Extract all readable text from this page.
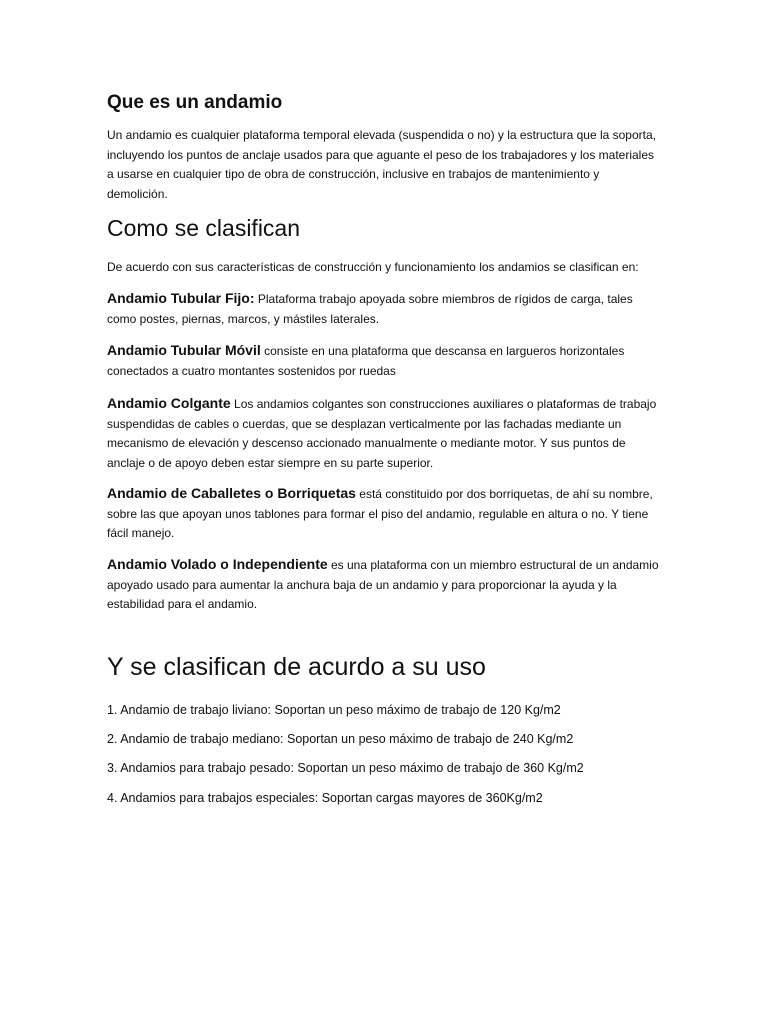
Que es un andamio
Un andamio es cualquier plataforma temporal elevada (suspendida o no) y la estructura que la soporta, incluyendo los puntos de anclaje usados para que aguante el peso de los trabajadores y los materiales a usarse en cualquier tipo de obra de construcción, inclusive en trabajos de mantenimiento y demolición.
Como se clasifican
De acuerdo con sus características de construcción y funcionamiento los andamios se clasifican en:
Andamio Tubular Fijo: Plataforma trabajo apoyada sobre miembros de rígidos de carga, tales como postes, piernas, marcos, y mástiles laterales.
Andamio Tubular Móvil consiste en una plataforma que descansa en largueros horizontales conectados a cuatro montantes sostenidos por ruedas
Andamio Colgante Los andamios colgantes son construcciones auxiliares o plataformas de trabajo suspendidas de cables o cuerdas, que se desplazan verticalmente por las fachadas mediante un mecanismo de elevación y descenso accionado manualmente o mediante motor. Y sus puntos de anclaje o de apoyo deben estar siempre en su parte superior.
Andamio de Caballetes o Borriquetas está constituido por dos borriquetas, de ahí su nombre, sobre las que apoyan unos tablones para formar el piso del andamio, regulable en altura o no. Y tiene fácil manejo.
Andamio Volado o Independiente es una plataforma con un miembro estructural de un andamio apoyado usado para aumentar la anchura baja de un andamio y para proporcionar la ayuda y la estabilidad para el andamio.
Y se clasifican de acurdo a su uso
1. Andamio de trabajo liviano: Soportan un peso máximo de trabajo de 120 Kg/m2
2. Andamio de trabajo mediano: Soportan un peso máximo de trabajo de 240 Kg/m2
3. Andamios para trabajo pesado: Soportan un peso máximo de trabajo de 360 Kg/m2
4. Andamios para trabajos especiales: Soportan cargas mayores de 360Kg/m2
